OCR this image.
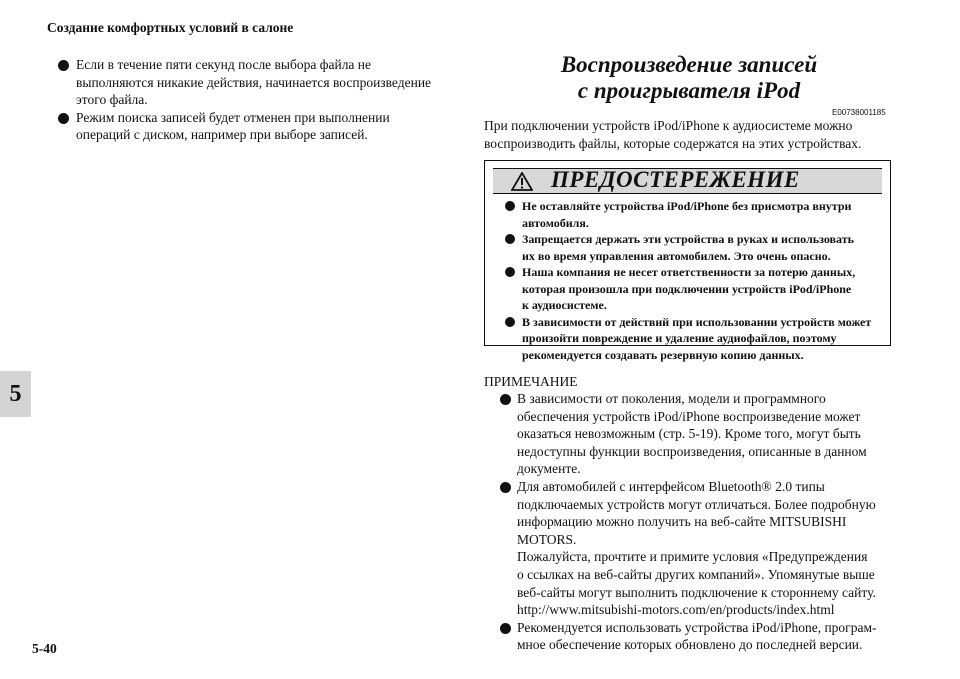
Создание комфортных условий в салоне
5
5-40
Если в течение пяти секунд после выбора файла не
выполняются никакие действия, начинается воспроизведение
этого файла.
Режим поиска записей будет отменен при выполнении
операций с диском, например при выборе записей.
Воспроизведение записей
с проигрывателя iPod
E00738001185
При подключении устройств iPod/iPhone к аудиосистеме можно
воспроизводить файлы, которые содержатся на этих устройствах.
ПРЕДОСТЕРЕЖЕНИЕ
Не оставляйте устройства iPod/iPhone без присмотра внутри
автомобиля.
Запрещается держать эти устройства в руках и использовать
их во время управления автомобилем. Это очень опасно.
Наша компания не несет ответственности за потерю данных,
которая произошла при подключении устройств iPod/iPhone
к аудиосистеме.
В зависимости от действий при использовании устройств может
произойти повреждение и удаление аудиофайлов, поэтому
рекомендуется создавать резервную копию данных.
ПРИМЕЧАНИЕ
В зависимости от поколения, модели и программного
обеспечения устройств iPod/iPhone воспроизведение может
оказаться невозможным (стр. 5-19). Кроме того, могут быть
недоступны функции воспроизведения, описанные в данном
документе.
Для автомобилей с интерфейсом Bluetooth® 2.0 типы
подключаемых устройств могут отличаться. Более подробную
информацию можно получить на веб-сайте MITSUBISHI
MOTORS.
Пожалуйста, прочтите и примите условия «Предупреждения
о ссылках на веб-сайты других компаний». Упомянутые выше
веб-сайты могут выполнить подключение к стороннему сайту.
http://www.mitsubishi-motors.com/en/products/index.html
Рекомендуется использовать устройства iPod/iPhone, програм-
мное обеспечение которых обновлено до последней версии.
